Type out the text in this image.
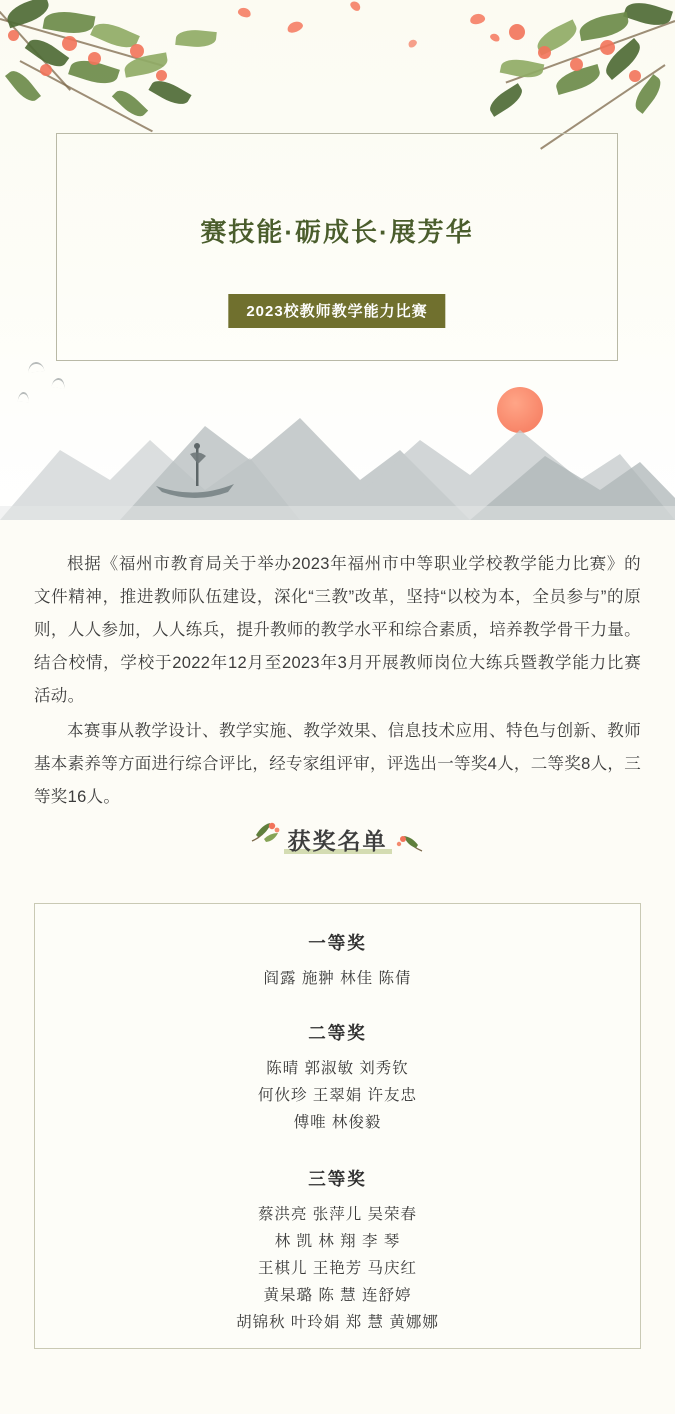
赛技能·砺成长·展芳华
2023校教师教学能力比赛

根据《福州市教育局关于举办2023年福州市中等职业学校教学能力比赛》的文件精神，推进教师队伍建设，深化“三教”改革，坚持“以校为本，全员参与”的原则，人人参加，人人练兵，提升教师的教学水平和综合素质，培养教学骨干力量。结合校情，学校于2022年12月至2023年3月开展教师岗位大练兵暨教学能力比赛活动。

本赛事从教学设计、教学实施、教学效果、信息技术应用、特色与创新、教师基本素养等方面进行综合评比，经专家组评审，评选出一等奖4人，二等奖8人，三等奖16人。

获奖名单
一等奖
阎露 施翀 林佳 陈倩
二等奖
陈晴 郭淑敏 刘秀钦
何伙珍 王翠娟 许友忠
傅唯 林俊毅
三等奖
蔡洪亮 张萍儿 吴荣春
林 凯 林 翔 李 琴
王棋儿 王艳芳 马庆红
黄杲璐 陈 慧 连舒婷
胡锦秋 叶玲娟 郑 慧 黄娜娜
